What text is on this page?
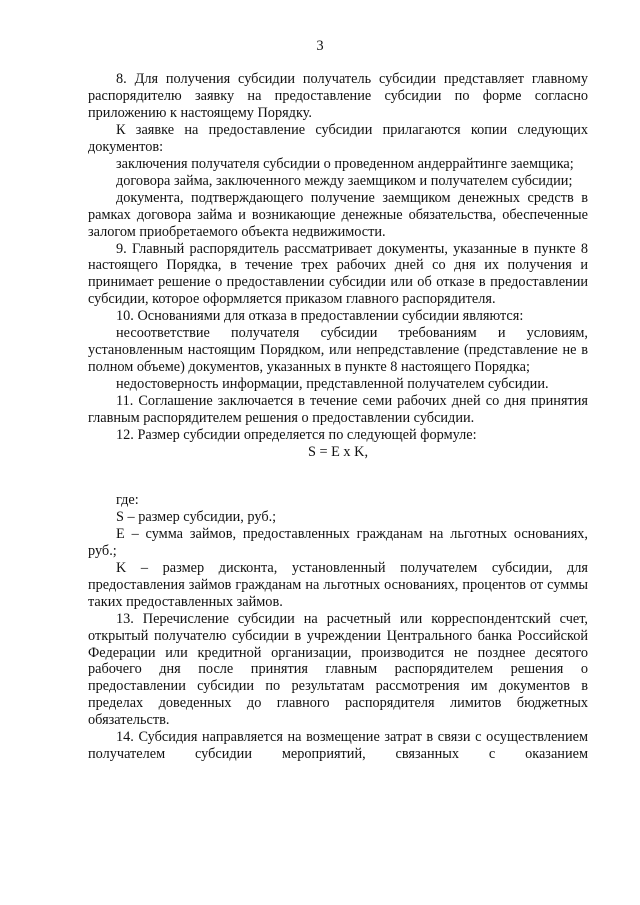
3

8. Для получения субсидии получатель субсидии представляет главному распорядителю заявку на предоставление субсидии по форме согласно приложению к настоящему Порядку.

К заявке на предоставление субсидии прилагаются копии следующих документов:

заключения получателя субсидии о проведенном андеррайтинге заемщика;

договора займа, заключенного между заемщиком и получателем субсидии;

документа, подтверждающего получение заемщиком денежных средств в рамках договора займа и возникающие денежные обязательства, обеспеченные залогом приобретаемого объекта недвижимости.

9. Главный распорядитель рассматривает документы, указанные в пункте 8 настоящего Порядка, в течение трех рабочих дней со дня их получения и принимает решение о предоставлении субсидии или об отказе в предоставлении субсидии, которое оформляется приказом главного распорядителя.

10. Основаниями для отказа в предоставлении субсидии являются:

несоответствие получателя субсидии требованиям и условиям, установленным настоящим Порядком, или непредставление (представление не в полном объеме) документов, указанных в пункте 8 настоящего Порядка;

недостоверность информации, представленной получателем субсидии.

11. Соглашение заключается в течение семи рабочих дней со дня принятия главным распорядителем решения о предоставлении субсидии.

12. Размер субсидии определяется по следующей формуле:

S = E x K,

где:

S – размер субсидии, руб.;

E – сумма займов, предоставленных гражданам на льготных основаниях, руб.;

K – размер дисконта, установленный получателем субсидии, для предоставления займов гражданам на льготных основаниях, процентов от суммы таких предоставленных займов.

13. Перечисление субсидии на расчетный или корреспондентский счет, открытый получателю субсидии в учреждении Центрального банка Российской Федерации или кредитной организации, производится не позднее десятого рабочего дня после принятия главным распорядителем решения о предоставлении субсидии по результатам рассмотрения им документов в пределах доведенных до главного распорядителя лимитов бюджетных обязательств.

14. Субсидия направляется на возмещение затрат в связи с осуществлением получателем субсидии мероприятий, связанных с оказанием
